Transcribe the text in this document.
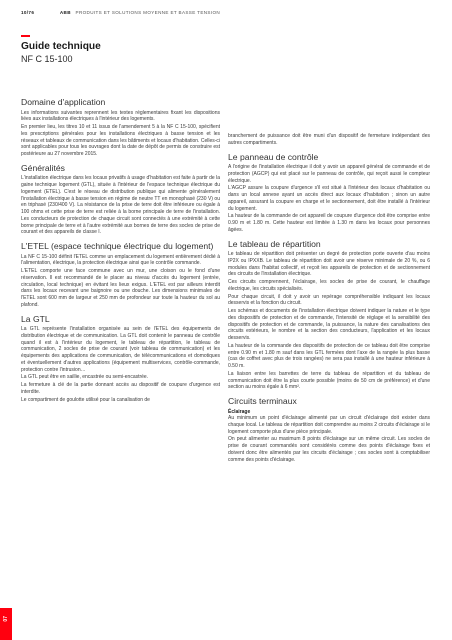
10/76	ABB PRODUITS ET SOLUTIONS MOYENNE ET BASSE TENSION
Guide technique
NF C 15-100
Domaine d'application

Les informations suivantes reprennent les textes réglementaires fixant les dispositions liées aux installations électriques à l'intérieur des logements.

En premier lieu, les titres 10 et 11 issus de l'amendement 5 à la NF C 15-100, spécifient les prescriptions générales pour les installations électriques à basse tension et les réseaux et tableaux de communication dans les bâtiments et locaux d'habitation. Celles-ci sont applicables pour tous les ouvrages dont la date de dépôt de permis de construire est postérieure au 27 novembre 2015.

Généralités

L'installation électrique dans les locaux privatifs à usage d'habitation est faite à partir de la gaine technique logement (GTL), située à l'intérieur de l'espace technique électrique du logement (ETEL). C'est le réseau de distribution publique qui alimente généralement l'installation électrique à basse tension en régime de neutre TT en monophasé (230 V) ou en triphasé (230/400 V). La résistance de la prise de terre doit être inférieure ou égale à 100 ohms et cette prise de terre est reliée à la borne principale de terre de l'installation. Les conducteurs de protection de chaque circuit sont connectés à une extrémité à cette borne principale de terre et à l'autre extrémité aux bornes de terre des socles de prise de courant et des appareils de classe I.

L'ETEL (espace technique électrique du logement)

La NF C 15-100 définit l'ETEL comme un emplacement du logement entièrement dédié à l'alimentation, électrique, la protection électrique ainsi que le contrôle commande.

L'ETEL comporte une face commune avec un mur, une cloison ou le fond d'une réservation. Il est recommandé de le placer au niveau d'accès du logement (entrée, circulation, local technique) en évitant les lieux exigus. L'ETEL est par ailleurs interdit dans les locaux recevant une baignoire ou une douche. Les dimensions minimales de l'ETEL sont 600 mm de largeur et 250 mm de profondeur sur toute la hauteur du sol au plafond.

La GTL

La GTL représente l'installation organisée au sein de l'ETEL des équipements de distribution électrique et de communication. La GTL doit contenir le panneau de contrôle quand il est à l'intérieur du logement, le tableau de répartition, le tableau de communication, 2 socles de prise de courant (voir tableau de communication) et les équipements des applications de communication, de télécommunications et domotiques et éventuellement d'autres applications (équipement multiservices, contrôle-commande, protection contre l'intrusion…

La GTL peut être en saillie, encastrée ou semi-encastrée.

La fermeture à clé de la partie donnant accès au dispositif de coupure d'urgence est interdite.

Le compartiment de goulotte utilisé pour la canalisation de

branchement de puissance doit être muni d'un dispositif de fermeture indépendant des autres compartiments.

Le panneau de contrôle

A l'origine de l'installation électrique il doit y avoir un appareil général de commande et de protection (AGCP) qui est placé sur le panneau de contrôle, qui reçoit aussi le compteur électrique.

L'AGCP assure la coupure d'urgence s'il est situé à l'intérieur des locaux d'habitation ou dans un local annexe ayant un accès direct aux locaux d'habitation ; sinon un autre appareil, assurant la coupure en charge et le sectionnement, doit être installé à l'intérieur du logement.

La hauteur de la commande de cet appareil de coupure d'urgence doit être comprise entre 0.90 m et 1.80 m. Cette hauteur est limitée à 1.30 m dans les locaux pour personnes âgées.

Le tableau de répartition

Le tableau de répartition doit présenter un degré de protection porte ouverte d'au moins IP2X ou IPXXB. Le tableau de répartition doit avoir une réserve minimale de 20 %, ou 6 modules dans l'habitat collectif, et reçoit les appareils de protection et de sectionnement des circuits de l'installation électrique.

Ces circuits comprennent, l'éclairage, les socles de prise de courant, le chauffage électrique, les circuits spécialisés.

Pour chaque circuit, il doit y avoir un repérage compréhensible indiquant les locaux desservis et la fonction du circuit.

Les schémas et documents de l'installation électrique doivent indiquer la nature et le type des dispositifs de protection et de commande, l'intensité de réglage et la sensibilité des dispositifs de protection et de commande, la puissance, la nature des canalisations des circuits extérieurs, le nombre et la section des conducteurs, l'application et les locaux desservis.

La hauteur de la commande des dispositifs de protection de ce tableau doit être comprise entre 0.90 m et 1.80 m sauf dans les GTL fermées dont l'axe de la rangée la plus basse (cas de coffret avec plus de trois rangées) ne sera pas installé à une hauteur inférieure à 0.50 m.

La liaison entre les barrettes de terre du tableau de répartition et du tableau de communication doit être la plus courte possible (moins de 50 cm de préférence) et d'une section au moins égale à 6 mm².

Circuits terminaux
Éclairage

Au minimum un point d'éclairage alimenté par un circuit d'éclairage doit exister dans chaque local. Le tableau de répartition doit comprendre au moins 2 circuits d'éclairage si le logement comporte plus d'une pièce principale.

On peut alimenter au maximum 8 points d'éclairage sur un même circuit. Les socles de prise de courant commandés sont considérés comme des points d'éclairage fixes et doivent donc être alimentés par les circuits d'éclairage ; ces socles sont à comptabiliser comme des points d'éclairage.

07
